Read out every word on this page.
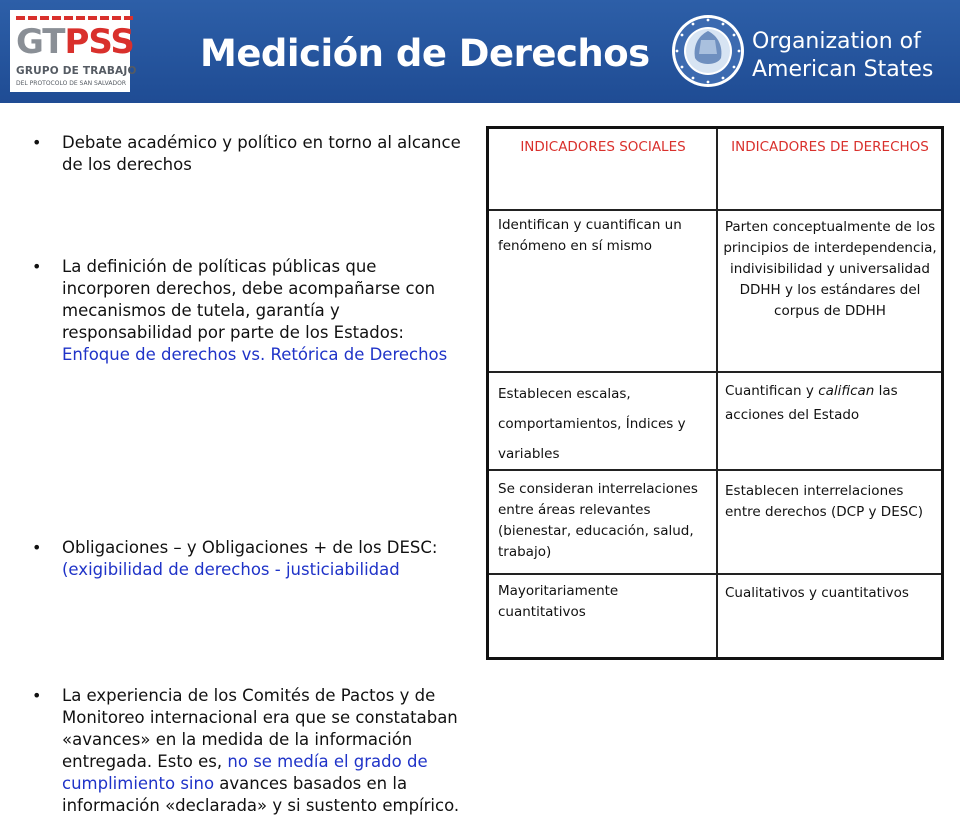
GTPSS
GRUPO DE TRABAJO
DEL PROTOCOLO DE SAN SALVADOR
Medición de Derechos	Organization of
American States
• Debate académico y político en torno al alcance de los derechos
• La definición de políticas públicas que incorporen derechos, debe acompañarse con mecanismos de tutela, garantía y responsabilidad por parte de los Estados: Enfoque de derechos vs. Retórica de Derechos
• Obligaciones – y Obligaciones + de los DESC: (exigibilidad de derechos - justiciabilidad
• La experiencia de los Comités de Pactos y de Monitoreo internacional era que se constataban «avances» en la medida de la información entregada. Esto es, no se medía el grado de cumplimiento sino avances basados en la información «declarada» y si sustento empírico.
INDICADORES SOCIALES	INDICADORES DE DERECHOS
Identifican y cuantifican un fenómeno en sí mismo
Parten conceptualmente de los principios de interdependencia, indivisibilidad y universalidad DDHH y los estándares del corpus de DDHH
Establecen escalas, comportamientos, Índices y variables
Cuantifican y califican las acciones del Estado
Se consideran interrelaciones entre áreas relevantes (bienestar, educación, salud, trabajo)
Establecen interrelaciones entre derechos (DCP y DESC)
Mayoritariamente cuantitativos
Cualitativos y cuantitativos
